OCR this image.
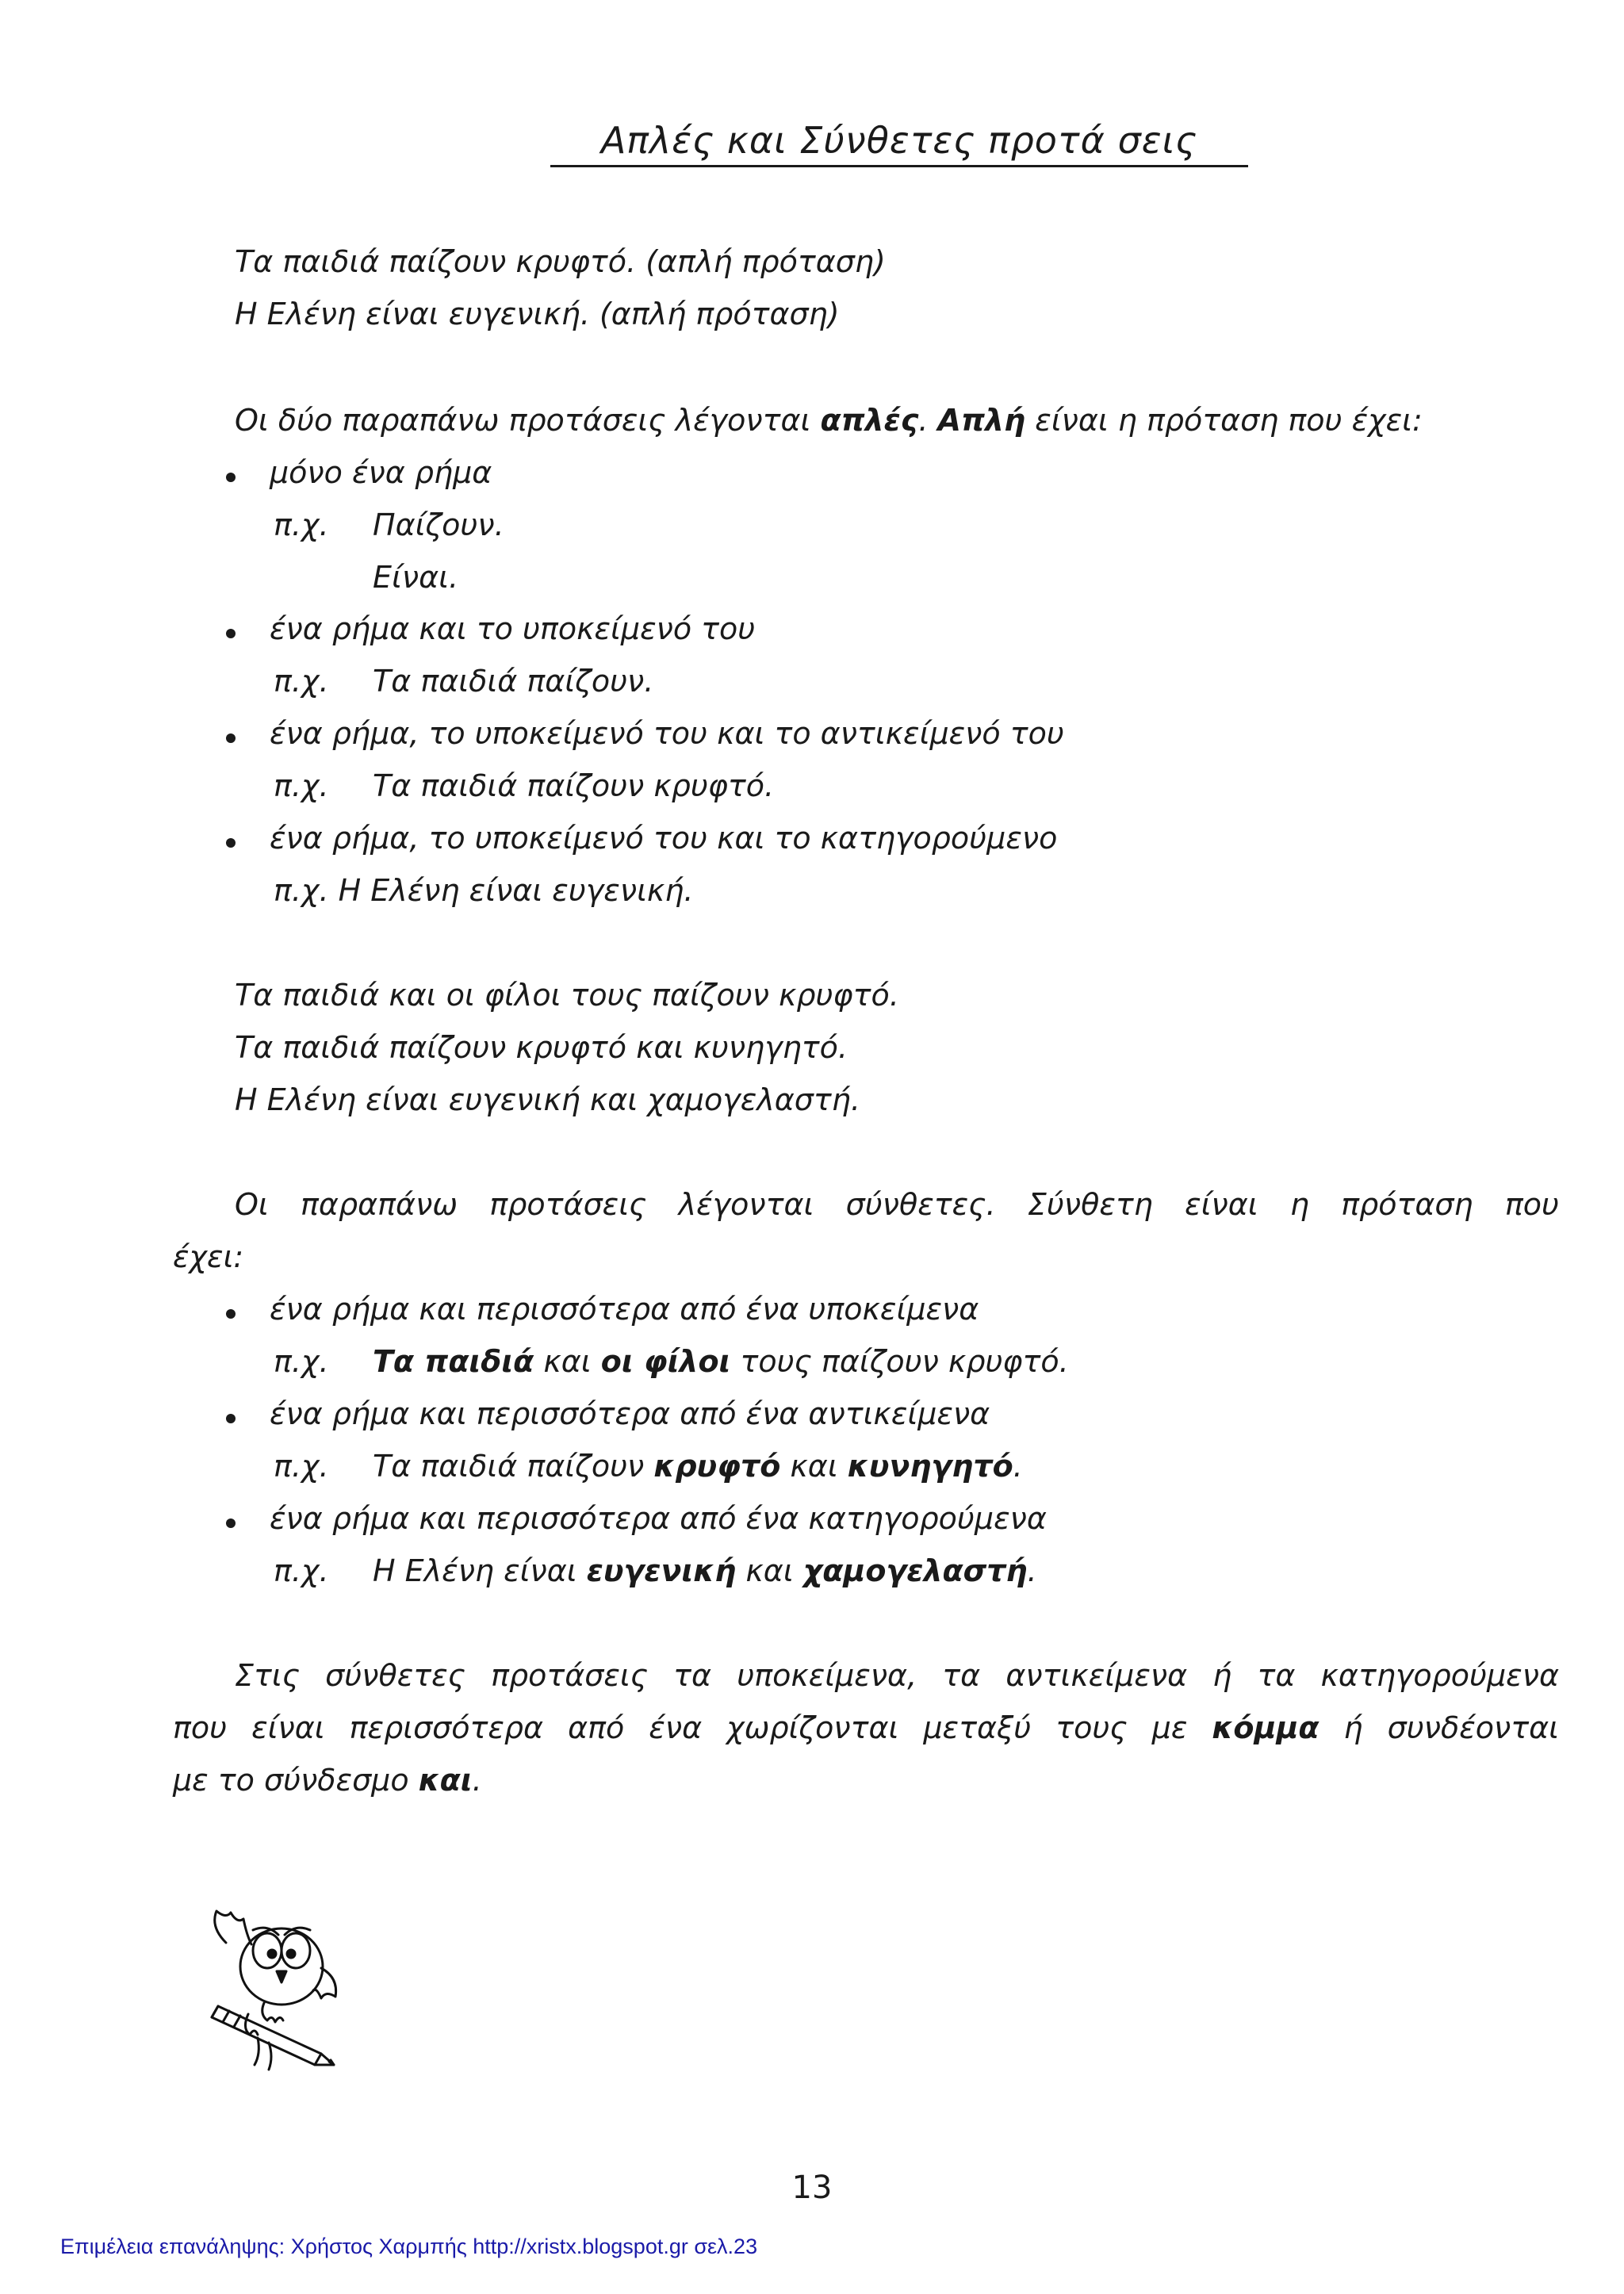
Απλές και Σύνθετες προτά σεις
Τα παιδιά παίζουν κρυφτό. (απλή πρόταση)
Η Ελένη είναι ευγενική. (απλή πρόταση)
Οι δύο παραπάνω προτάσεις λέγονται απλές. Απλή είναι η πρόταση που έχει:
μόνο ένα ρήμα
π.χ. Παίζουν.
Είναι.
ένα ρήμα και το υποκείμενό του
π.χ. Τα παιδιά παίζουν.
ένα ρήμα, το υποκείμενό του και το αντικείμενό του
π.χ. Τα παιδιά παίζουν κρυφτό.
ένα ρήμα, το υποκείμενό του και το κατηγορούμενο
π.χ. Η Ελένη είναι ευγενική.
Τα παιδιά και οι φίλοι τους παίζουν κρυφτό.
Τα παιδιά παίζουν κρυφτό και κυνηγητό.
Η Ελένη είναι ευγενική και χαμογελαστή.
Οι παραπάνω προτάσεις λέγονται σύνθετες. Σύνθετη είναι η πρόταση που
έχει:
ένα ρήμα και περισσότερα από ένα υποκείμενα
π.χ. Τα παιδιά και οι φίλοι τους παίζουν κρυφτό.
ένα ρήμα και περισσότερα από ένα αντικείμενα
π.χ. Τα παιδιά παίζουν κρυφτό και κυνηγητό.
ένα ρήμα και περισσότερα από ένα κατηγορούμενα
π.χ. Η Ελένη είναι ευγενική και χαμογελαστή.
Στις σύνθετες προτάσεις τα υποκείμενα, τα αντικείμενα ή τα κατηγορούμενα
που είναι περισσότερα από ένα χωρίζονται μεταξύ τους με κόμμα ή συνδέονται
με το σύνδεσμο και.
13
Επιμέλεια επανάληψης: Χρήστος Χαρμπής http://xristx.blogspot.gr σελ.23
